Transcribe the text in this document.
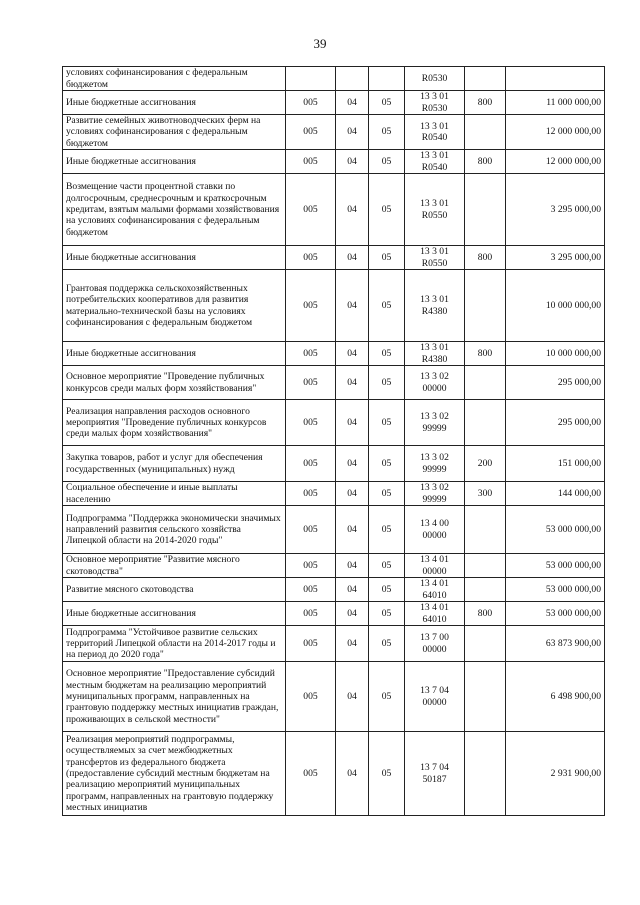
39
условиях софинансирования с федеральным бюджетом				R0530		
Иные бюджетные ассигнования	005	04	05	13 3 01 R0530	800	11 000 000,00
Развитие семейных животноводческих ферм на условиях софинансирования с федеральным бюджетом	005	04	05	13 3 01 R0540		12 000 000,00
Иные бюджетные ассигнования	005	04	05	13 3 01 R0540	800	12 000 000,00
Возмещение части процентной ставки по долгосрочным, среднесрочным и краткосрочным кредитам, взятым малыми формами хозяйствования на условиях софинансирования с федеральным бюджетом	005	04	05	13 3 01 R0550		3 295 000,00
Иные бюджетные ассигнования	005	04	05	13 3 01 R0550	800	3 295 000,00
Грантовая поддержка сельскохозяйственных потребительских кооперативов для развития материально-технической базы на условиях софинансирования с федеральным бюджетом	005	04	05	13 3 01 R4380		10 000 000,00
Иные бюджетные ассигнования	005	04	05	13 3 01 R4380	800	10 000 000,00
Основное мероприятие "Проведение публичных конкурсов среди малых форм хозяйствования"	005	04	05	13 3 02 00000		295 000,00
Реализация направления расходов основного мероприятия "Проведение публичных конкурсов среди малых форм хозяйствования"	005	04	05	13 3 02 99999		295 000,00
Закупка товаров, работ и услуг для обеспечения государственных (муниципальных) нужд	005	04	05	13 3 02 99999	200	151 000,00
Социальное обеспечение и иные выплаты населению	005	04	05	13 3 02 99999	300	144 000,00
Подпрограмма "Поддержка экономически значимых направлений развития сельского хозяйства Липецкой области на 2014-2020 годы"	005	04	05	13 4 00 00000		53 000 000,00
Основное мероприятие "Развитие мясного скотоводства"	005	04	05	13 4 01 00000		53 000 000,00
Развитие мясного скотоводства	005	04	05	13 4 01 64010		53 000 000,00
Иные бюджетные ассигнования	005	04	05	13 4 01 64010	800	53 000 000,00
Подпрограмма "Устойчивое развитие сельских территорий Липецкой области на 2014-2017 годы и на период до 2020 года"	005	04	05	13 7 00 00000		63 873 900,00
Основное мероприятие "Предоставление субсидий местным бюджетам на реализацию мероприятий муниципальных программ, направленных на грантовую поддержку местных инициатив граждан, проживающих в сельской местности"	005	04	05	13 7 04 00000		6 498 900,00
Реализация мероприятий подпрограммы, осуществляемых за счет межбюджетных трансфертов из федерального бюджета (предоставление субсидий местным бюджетам на реализацию мероприятий муниципальных программ, направленных на грантовую поддержку местных инициатив	005	04	05	13 7 04 50187		2 931 900,00
